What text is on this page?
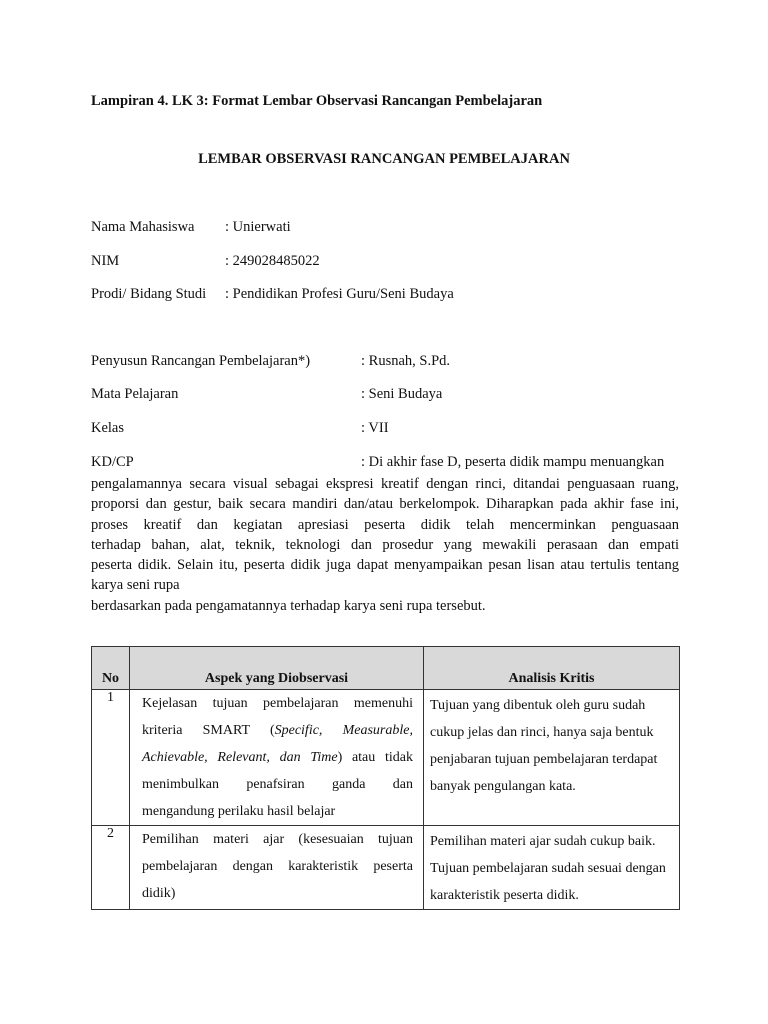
Lampiran 4. LK 3: Format Lembar Observasi Rancangan Pembelajaran
LEMBAR OBSERVASI RANCANGAN PEMBELAJARAN
Nama Mahasiswa : Unierwati
NIM	: 249028485022
Prodi/ Bidang Studi : Pendidikan Profesi Guru/Seni Budaya
Penyusun Rancangan Pembelajaran*)	: Rusnah, S.Pd.
Mata Pelajaran	: Seni Budaya
Kelas	: VII
KD/CP	: Di akhir fase D, peserta didik mampu menuangkan
pengalamannya secara visual sebagai ekspresi kreatif dengan rinci, ditandai penguasaan ruang,
proporsi dan gestur, baik secara mandiri dan/atau berkelompok. Diharapkan pada akhir fase ini,
proses kreatif dan kegiatan apresiasi peserta didik telah mencerminkan penguasaan
terhadap bahan, alat, teknik, teknologi dan prosedur yang mewakili perasaan dan empati
peserta didik. Selain itu, peserta didik juga dapat menyampaikan pesan lisan atau tertulis tentang
karya seni rupa
berdasarkan pada pengamatannya terhadap karya seni rupa tersebut.
No	Aspek yang Diobservasi	Analisis Kritis
1	Kejelasan tujuan pembelajaran memenuhi kriteria SMART (Specific, Measurable, Achievable, Relevant, dan Time) atau tidak menimbulkan penafsiran ganda dan mengandung perilaku hasil belajar	Tujuan yang dibentuk oleh guru sudah cukup jelas dan rinci, hanya saja bentuk penjabaran tujuan pembelajaran terdapat banyak pengulangan kata.
2	Pemilihan materi ajar (kesesuaian tujuan pembelajaran dengan karakteristik peserta didik)	Pemilihan materi ajar sudah cukup baik. Tujuan pembelajaran sudah sesuai dengan karakteristik peserta didik.
